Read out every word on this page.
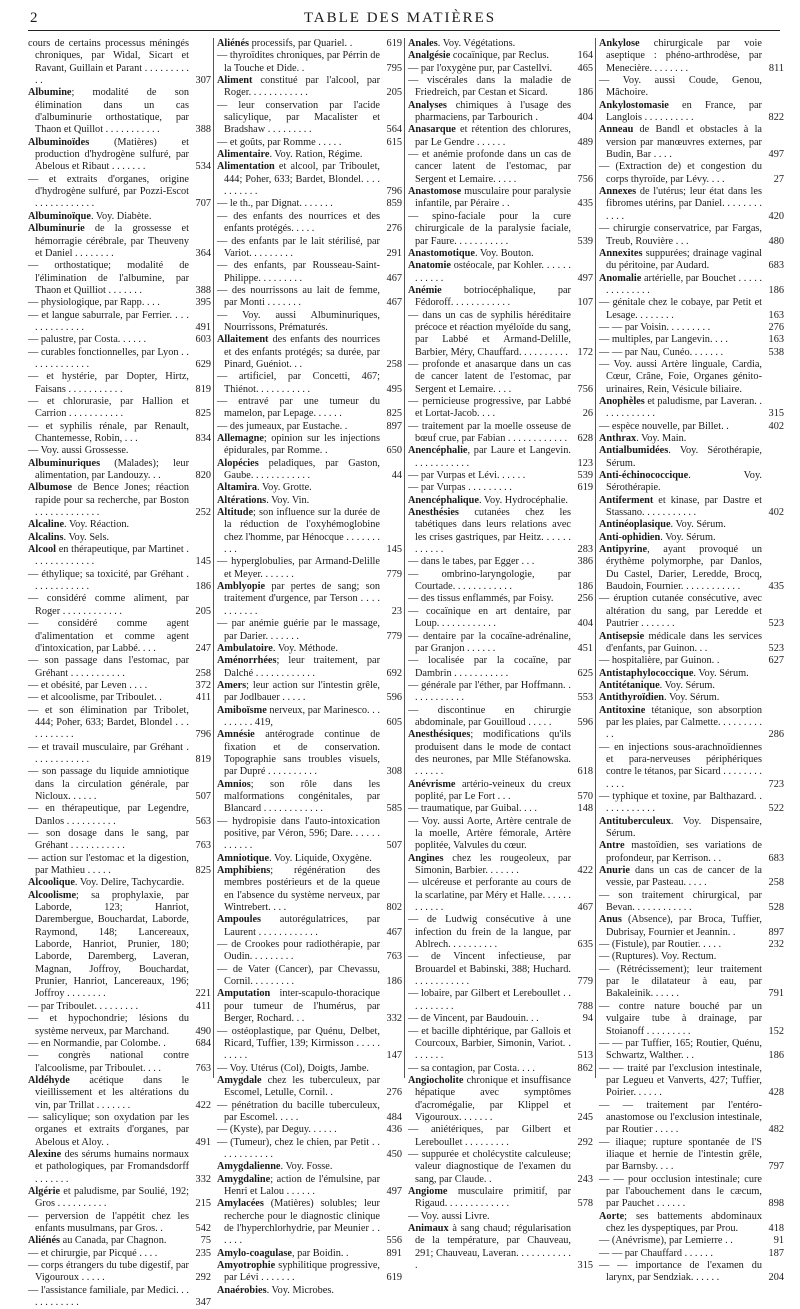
2	TABLE DES MATIÈRES
cours de certains processus méningés chroniques, par Widal, Sicart et Ravant, Guillain et Parant . . . . . . . . . . .	307
Albumine; modalité de son élimination dans un cas d'albuminurie orthostatique, par Thaon et Quillot . . . . . . . . . . .	388
Albuminoïdes (Matières) et production d'hydrogène sulfuré, par Abelous et Ribaut . . . . . . .	534
— et extraits d'organes, origine d'hydrogène sulfuré, par Pozzi-Escot . . . . . . . . . . . .	707
Albuminoïque. Voy. Diabète.
Albuminurie de la grossesse et hémorragie cérébrale, par Theuveny et Daniel . . . . . . . .	364
— orthostatique; modalité de l'élimination de l'albumine, par Thaon et Quilliot . . . . . . .	388
— physiologique, par Rapp. . . .	395
— et langue saburrale, par Ferrier. . . . . . . . . . . . . .	491
— palustre, par Costa. . . . . .	603
— curables fonctionnelles, par Lyon . . . . . . . . . . . . .	629
— et hystérie, par Dopter, Hirtz, Faisans . . . . . . . . . . .	819
— et chlorurasie, par Hallion et Carrion . . . . . . . . . . .	825
— et syphilis rénale, par Renault, Chantemesse, Robin, . . .	834
— Voy. aussi Grossesse.
Albuminuriques (Malades); leur alimentation, par Landouzy. . .	820
Albumose de Bence Jones; réaction rapide pour sa recherche, par Boston . . . . . . . . . . . . .	252
Alcaline. Voy. Réaction.
Alcalins. Voy. Sels.
Alcool en thérapeutique, par Martinet . . . . . . . . . . . . .	145
— éthylique; sa toxicité, par Gréhant . . . . . . . . . . . .	186
— considéré comme aliment, par Roger . . . . . . . . . . . .	205
— considéré comme agent d'alimentation et comme agent d'intoxication, par Labbé. . . .	247
— son passage dans l'estomac, par Gréhant . . . . . . . . . . .	258
— et obésité, par Leven . . . .	372
— et alcoolisme, par Triboulet. .	411
— et son élimination par Tribolet, 444; Poher, 633; Bardet, Blondel . . . . . . . . . . .	796
— et travail musculaire, par Gréhant . . . . . . . . . . . .	819
— son passage du liquide amniotique dans la circulation générale, par Nicloux. . . . . .	507
— en thérapeutique, par Legendre, Danlos . . . . . . . . . .	563
— son dosage dans le sang, par Gréhant . . . . . . . . . . .	763
— action sur l'estomac et la digestion, par Mathieu . . . . .	825
Alcoolique. Voy. Delire, Tachycardie.
Alcoolisme; sa prophylaxie, par Laborde, 123; Hanriot, Darembergue, Bouchardat, Laborde, Raymond, 148; Lancereaux, Laborde, Hanriot, Prunier, 180; Laborde, Daremberg, Laveran, Magnan, Joffroy, Bouchardat, Prunier, Hanriot, Lancereaux, 196; Joffroy . . . . . . . .	221
— par Triboulet. . . . . . . . .	411
— et hypochondrie; lésions du système nerveux, par Marchand.	490
— en Normandie, par Colombe. .	684
— congrès national contre l'alcoolisme, par Triboulet. . . .	763
Aldéhyde acétique dans le vieillissement et les altérations du vin, par Trillat . . . . . . .	422
— salicylique; son oxydation par les organes et extraits d'organes, par Abelous et Aloy. .	491
Alexine des sérums humains normaux et pathologiques, par Fromandsdorff . . . . . . .	332
Algérie et paludisme, par Soulié, 192; Gros . . . . . . . . . .	215
— perversion de l'appétit chez les enfants musulmans, par Gros. .	542
Aliénés au Canada, par Chagnon.	75
— et chirurgie, par Picqué . . . .	235
— corps étrangers du tube digestif, par Vigouroux . . . . .	292
— l'assistance familiale, par Medici. . . . . . . . . . . .	347
Aliénés processifs, par Quariel. .	619
— thyroïdites chroniques, par Pérrin de la Touche et Dide. .	795
Aliment constitué par l'alcool, par Roger. . . . . . . . . . . .	205
— leur conservation par l'acide salicylique, par Macalister et Bradshaw . . . . . . . . .	564
— et goûts, par Romme . . . . .	615
Alimentaire. Voy. Ration, Régime.
Alimentation et alcool, par Triboulet, 444; Poher, 633; Bardet, Blondel. . . . . . . . . . .	796
— le th., par Dignat. . . . . . .	859
— des enfants des nourrices et des enfants protégés. . . . .	276
— des enfants par le lait stérilisé, par Variot. . . . . . . . .	291
— des enfants, par Rousseau-Saint-Philippe. . . . . . . . .	467
— des nourrissons au lait de femme, par Monti . . . . . . .	467
— Voy. aussi Albuminuriques, Nourrissons, Prématurés.
Allaitement des enfants des nourrices et des enfants protégés; sa durée, par Pinard, Guéniot. . .	258
— artificiel, par Concetti, 467; Thiénot. . . . . . . . . . .	495
— entravé par une tumeur du mamelon, par Lepage. . . . . .	825
— des jumeaux, par Eustache. .	897
Allemagne; opinion sur les injections épidurales, par Romme. .	650
Alopécies peladiques, par Gaston, Gaube. . . . . . . . . . . .	44
Altamira. Voy. Grotte.
Altérations. Voy. Vin.
Altitude; son influence sur la durée de la réduction de l'oxyhémoglobine chez l'homme, par Hénocque . . . . . . . . . .	145
— hyperglobulies, par Armand-Delille et Meyer. . . . . . .	779
Amblyopie par pertes de sang; son traitement d'urgence, par Terson . . . . . . . . . . .	23
— par anémie guérie par le massage, par Darier. . . . . . .	779
Ambulatoire. Voy. Méthode.
Aménorrhées; leur traitement, par Dalché . . . . . . . . . . . .	692
Amers; leur action sur l'intestin grêle, par Jodlbauer . . . . .	596
Amiboïsme nerveux, par Marinesco. . . . . . . . . 419,	605
Amnésie antérograde continue de fixation et de conservation. Topographie sans troubles visuels, par Dupré . . . . . . . . . .	308
Amnios; son rôle dans les malformations congénitales, par Blancard . . . . . . . . . . . .	585
— hydropisie dans l'auto-intoxication positive, par Véron, 596; Dare. . . . . . . . . . . .	507
Amniotique. Voy. Liquide, Oxygène.
Amphibiens; régénération des membres postérieurs et de la queue en l'absence du système nerveux, par Wintrebert. . . .	802
Ampoules autorégulatrices, par Laurent . . . . . . . . . . . .	467
— de Crookes pour radiothérapie, par Oudin. . . . . . . . .	763
— de Vater (Cancer), par Chevassu, Cornil. . . . . . . . .	186
Amputation inter-scapulo-thoracique pour tumeur de l'humérus, par Berger, Rochard. . .	332
— ostéoplastique, par Quénu, Delbet, Ricard, Tuffier, 139; Kirmisson . . . . . . . . . .	147
— Voy. Utérus (Col), Doigts, Jambe.
Amygdale chez les tuberculeux, par Escomel, Letulle, Cornil. .	276
— pénétration du bacille tuberculeux, par Escomel. . . . .	484
— (Kyste), par Deguy. . . . . .	436
— (Tumeur), chez le chien, par Petit . . . . . . . . . . . .	450
Amygdalienne. Voy. Fosse.
Amygdaline; action de l'émulsine, par Henri et Lalou . . . . . .	497
Amylacées (Matières) solubles; leur recherche pour le diagnostic clinique de l'hyperchlorhydrie, par Meunier . . . . . .	556
Amylo-coagulase, par Boidin. .	891
Amyotrophie syphilitique progressive, par Lévi . . . . . . .	619
Anaérobies. Voy. Microbes.
Anales. Voy. Végétations.
Analgésie cocaïnique, par Reclus.	164
— par l'oxygène pur, par Castellvi. 465
— viscérales dans la maladie de Friedreich, par Cestan et Sicard.	186
Analyses chimiques à l'usage des pharmaciens, par Tarbourich .	404
Anasarque et rétention des chlorures, par Le Gendre . . . . . .	489
— et anémie profonde dans un cas de cancer latent de l'estomac, par Sergent et Lemaire. . . . .	756
Anastomose musculaire pour paralysie infantile, par Péraire . .	435
— spino-faciale pour la cure chirurgicale de la paralysie faciale, par Faure. . . . . . . . . . .	539
Anastomotique. Voy. Bouton.
Anatomie ostéocale, par Kohler. . . . . . . . . . . .	497
Anémie botriocéphalique, par Fédoroff. . . . . . . . . . . .	107
— dans un cas de syphilis héréditaire précoce et réaction myéloïde du sang, par Labbé et Armand-Delille, Barbier, Méry, Chauffard. . . . . . . . . . 172
— profonde et anasarque dans un cas de cancer latent de l'estomac, par Sergent et Lemaire. . . .	756
— pernicieuse progressive, par Labbé et Lortat-Jacob. . . .	26
— traitement par la moelle osseuse de bœuf crue, par Fabian . . . . . . . . . . . . 628
Anencéphalie, par Laure et Langevin. . . . . . . . . . . .	123
— par Vurpas et Lévi. . . . . .	539
— par Vurpas . . . . . . . . .	619
Anencéphalique. Voy. Hydrocéphalie.
Anesthésies cutanées chez les tabétiques dans leurs relations avec les crises gastriques, par Heitz. . . . . . . . . . . .	283
— dans le tabes, par Egger . . .	386
— ombrino-laryngologie, par Courtade. . . . . . . . . . . .	186
— des tissus enflammés, par Foisy. 256
— cocaïnique en art dentaire, par Loup. . . . . . . . . . . .	404
— dentaire par la cocaïne-adrénaline, par Granjon . . . . . .	451
— localisée par la cocaïne, par Dambrin . . . . . . . . . . .	625
— générale par l'éther, par Hoffmann. . . . . . . . . . . .	553
— discontinue en chirurgie abdominale, par Gouilloud . . . . .	596
Anesthésiques; modifications qu'ils produisent dans le mode de contact des neurones, par Mlle Stéfanowska. . . . . . .	618
Anévrisme artério-veineux du creux poplité, par Le Fort . . .	570
— traumatique, par Guibal. . . .	148
— Voy. aussi Aorte, Artère centrale de la moelle, Artère fémorale, Artère poplitée, Valvules du cœur.
Angines chez les rougeoleux, par Simonin, Barbier. . . . . . .	422
— ulcéreuse et perforante au cours de la scarlatine, par Méry et Halle. . . . . . . . . . . .	467
— de Ludwig consécutive à une infection du frein de la langue, par Ablrech. . . . . . . . . .	635
— de Vincent infectieuse, par Brouardel et Babinski, 388; Huchard. . . . . . . . . . . .	779
— lobaire, par Gilbert et Lereboullet . . . . . . . . . .	788
— de Vincent, par Baudouin. . .	94
— et bacille diphtérique, par Gallois et Courcoux, Barbier, Simonin, Variot. . . . . . . .	513
— sa contagion, par Costa. . . .	862
Angiocholite chronique et insuffisance hépatique avec symptômes d'acromégalie, par Klippel et Vigouroux. . . . . . .	245
— aniétériques, par Gilbert et Lereboullet . . . . . . . . .	292
— suppurée et cholécystite calculeuse; valeur diagnostique de l'examen du sang, par Claude. .	243
Angiome musculaire primitif, par Rigaud. . . . . . . . . . . . .	578
— Voy. aussi Livre.
Animaux à sang chaud; régularisation de la température, par Chauveau, 291; Chauveau, Laveran. . . . . . . . . . . .	315
Ankylose chirurgicale par voie aseptique : phéno-arthrodèse, par Menecière. . . . . . . .	811
— Voy. aussi Coude, Genou, Mâchoire.
Ankylostomasie en France, par Langlois . . . . . . . . . .	822
Anneau de Bandl et obstacles à la version par manœuvres externes, par Budin, Bar . . . .	497
— (Extraction de) et congestion du corps thyroïde, par Lévy. . . .	27
Annexes de l'utérus; leur état dans les fibromes utérins, par Daniel. . . . . . . . . . . .	420
— chirurgie conservatrice, par Fargas, Treub, Rouvière . . .	480
Annexites suppurées; drainage vaginal du péritoine, par Audard.	683
Anomalie artérielle, par Bouchet . . . . . . . . . . . . . .	186
— génitale chez le cobaye, par Petit et Lesage. . . . . . . .	163
— — par Voisin. . . . . . . . .	276
— multiples, par Langevin. . . .	163
— — par Nau, Cunéo. . . . . . .	538
— Voy. aussi Artère linguale, Cardia, Cœur, Crâne, Foie, Organes génito-urinaires, Rein, Vésicule biliaire.
Anophèles et paludisme, par Laveran. . . . . . . . . . . .	315
— espèce nouvelle, par Billet. .	402
Anthrax. Voy. Main.
Antialbumidées. Voy. Sérothérapie, Sérum.
Anti-échinococcique. Voy. Sérothérapie.
Antiferment et kinase, par Dastre et Stassano. . . . . . . . . . .	402
Antinéoplasique. Voy. Sérum.
Anti-ophidien. Voy. Sérum.
Antipyrine, ayant provoqué un érythème polymorphe, par Danlos, Du Castel, Darier, Leredde, Brocq, Baudoin, Fournier. . . . . . . . . . . .	435
— éruption cutanée consécutive, avec altération du sang, par Leredde et Pautrier . . . . . . .	523
Antisepsie médicale dans les services d'enfants, par Guinon. . .	523
— hospitalière, par Guinon. .	627
Antistaphylococcique. Voy. Sérum.
Antitétanique. Voy. Sérum.
Antithyroïdien. Voy. Sérum.
Antitoxine tétanique, son absorption par les plaies, par Calmette. . . . . . . . . . .	286
— en injections sous-arachnoïdiennes et para-nerveuses périphériques contre le tétanos, par Sicard . . . . . . . . . . . .	723
— typhique et toxine, par Balthazard. . . . . . . . . . . .	522
Antituberculeux. Voy. Dispensaire, Sérum.
Antre mastoïdien, ses variations de profondeur, par Kerrison. . .	683
Anurie dans un cas de cancer de la vessie, par Pasteau. . . . .	258
— son traitement chirurgical, par Bevan. . . . . . . . . . . .	528
Anus (Absence), par Broca, Tuffier, Dubrisay, Fournier et Jeannin. .	897
— (Fistule), par Routier. . . . .	232
— (Ruptures). Voy. Rectum.
— (Rétrécissement); leur traitement par le dilatateur à eau, par Bakaleinik. . . . . .	791
— contre nature bouché par un vulgaire tube à drainage, par Stoianoff . . . . . . . . .	152
— — par Tuffier, 165; Routier, Quénu, Schwartz, Walther. . .	186
— — traité par l'exclusion intestinale, par Legueu et Vanverts, 427; Tuffier, Poirier. . . . . .	428
— — traitement par l'entéro-anastomose ou l'exclusion intestinale, par Routier . . . . .	482
— iliaque; rupture spontanée de l'S iliaque et hernie de l'intestin grêle, par Barnsby. . . .	797
— — pour occlusion intestinale; cure par l'abouchement dans le cæcum, par Pauchet . . . . . .	898
Aorte; ses battements abdominaux chez les dyspeptiques, par Prou.	418
— (Anévrisme), par Lemierre . .	91
— — par Chauffard . . . . . .	187
— — importance de l'examen du larynx, par Sendziak. . . . . .	204
